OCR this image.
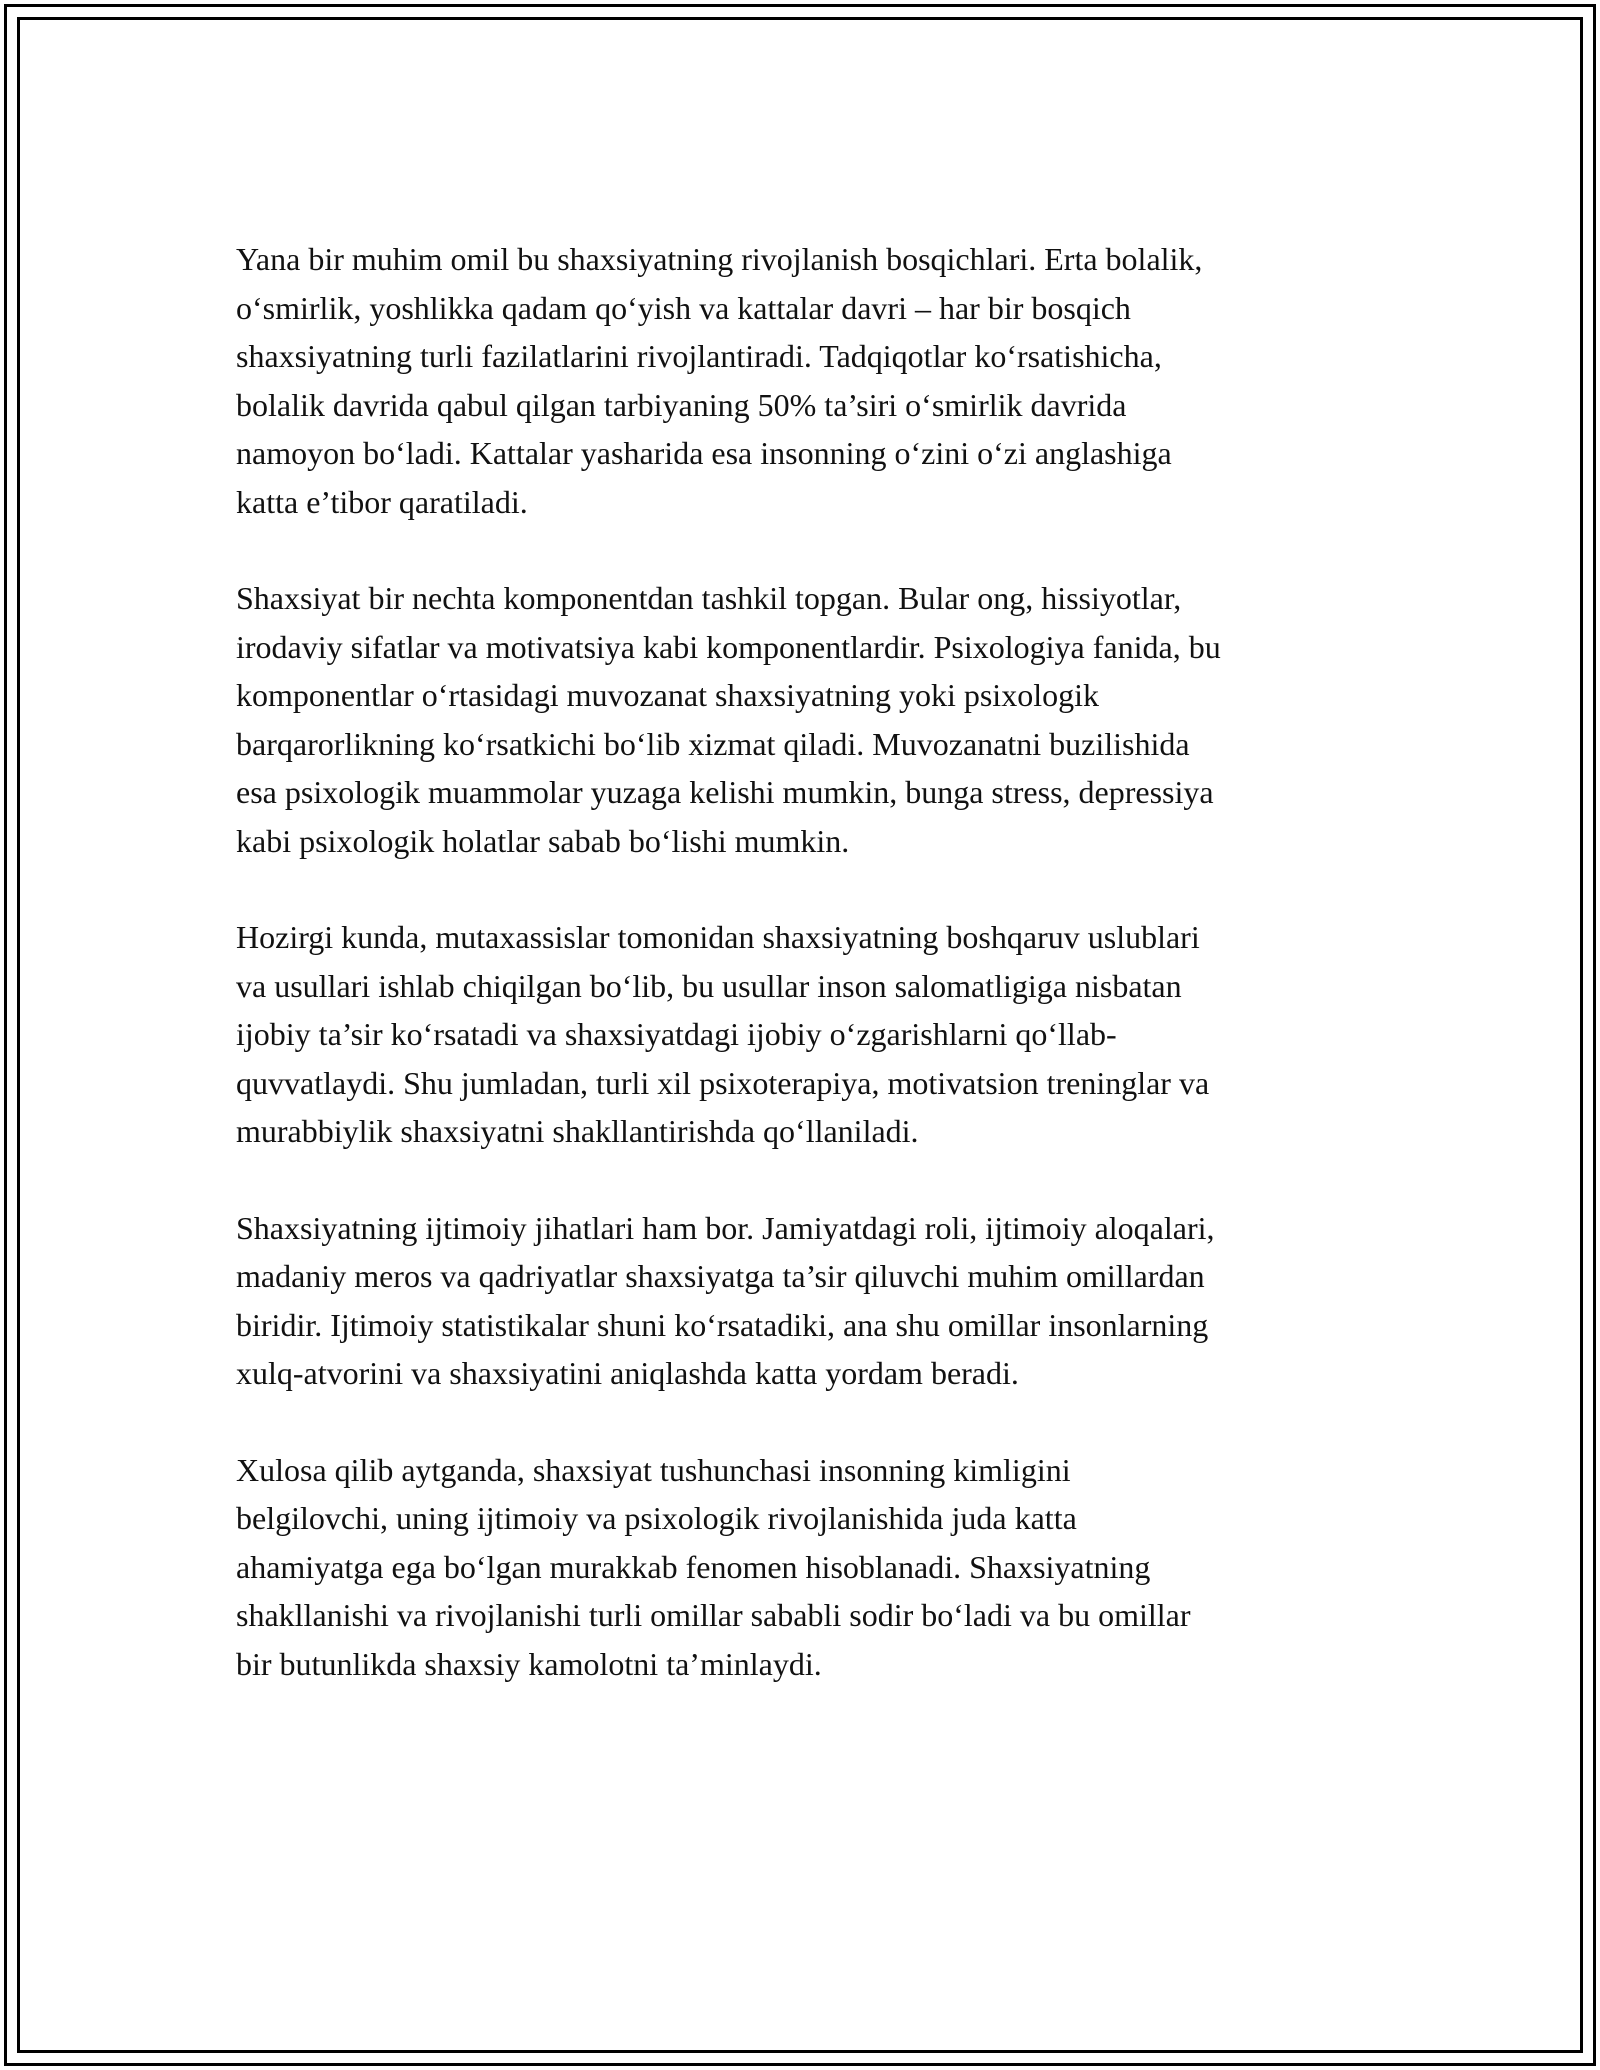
Yana bir muhim omil bu shaxsiyatning rivojlanish bosqichlari. Erta bolalik,
o‘smirlik, yoshlikka qadam qo‘yish va kattalar davri – har bir bosqich
shaxsiyatning turli fazilatlarini rivojlantiradi. Tadqiqotlar ko‘rsatishicha,
bolalik davrida qabul qilgan tarbiyaning 50% ta’siri o‘smirlik davrida
namoyon bo‘ladi. Kattalar yasharida esa insonning o‘zini o‘zi anglashiga
katta e’tibor qaratiladi.

Shaxsiyat bir nechta komponentdan tashkil topgan. Bular ong, hissiyotlar,
irodaviy sifatlar va motivatsiya kabi komponentlardir. Psixologiya fanida, bu
komponentlar o‘rtasidagi muvozanat shaxsiyatning yoki psixologik
barqarorlikning ko‘rsatkichi bo‘lib xizmat qiladi. Muvozanatni buzilishida
esa psixologik muammolar yuzaga kelishi mumkin, bunga stress, depressiya
kabi psixologik holatlar sabab bo‘lishi mumkin.

Hozirgi kunda, mutaxassislar tomonidan shaxsiyatning boshqaruv uslublari
va usullari ishlab chiqilgan bo‘lib, bu usullar inson salomatligiga nisbatan
ijobiy ta’sir ko‘rsatadi va shaxsiyatdagi ijobiy o‘zgarishlarni qo‘llab-
quvvatlaydi. Shu jumladan, turli xil psixoterapiya, motivatsion treninglar va
murabbiylik shaxsiyatni shakllantirishda qo‘llaniladi.

Shaxsiyatning ijtimoiy jihatlari ham bor. Jamiyatdagi roli, ijtimoiy aloqalari,
madaniy meros va qadriyatlar shaxsiyatga ta’sir qiluvchi muhim omillardan
biridir. Ijtimoiy statistikalar shuni ko‘rsatadiki, ana shu omillar insonlarning
xulq-atvorini va shaxsiyatini aniqlashda katta yordam beradi.

Xulosa qilib aytganda, shaxsiyat tushunchasi insonning kimligini
belgilovchi, uning ijtimoiy va psixologik rivojlanishida juda katta
ahamiyatga ega bo‘lgan murakkab fenomen hisoblanadi. Shaxsiyatning
shakllanishi va rivojlanishi turli omillar sababli sodir bo‘ladi va bu omillar
bir butunlikda shaxsiy kamolotni ta’minlaydi.
